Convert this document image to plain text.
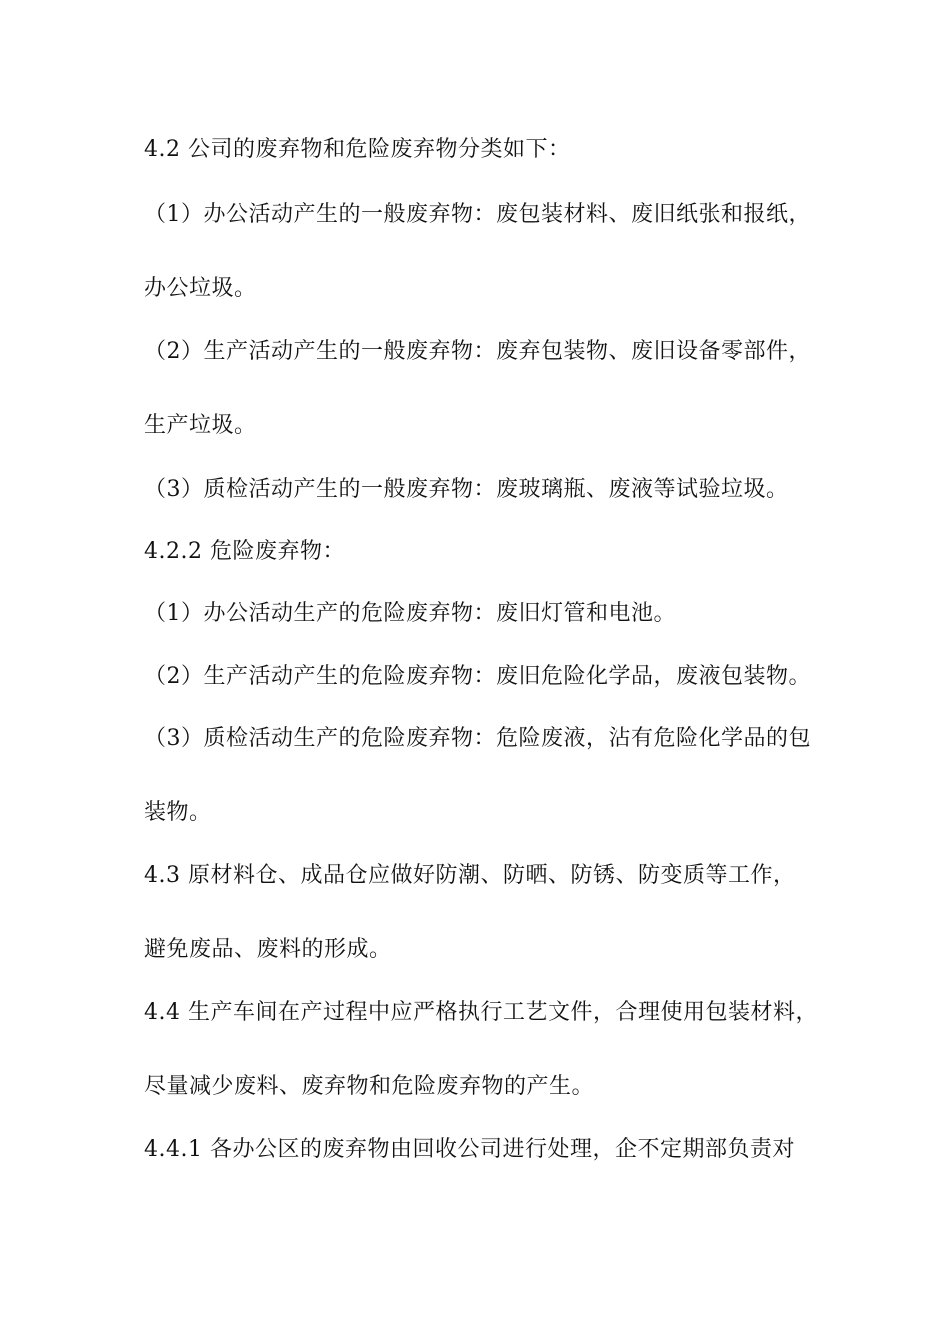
4.2 公司的废弃物和危险废弃物分类如下：
（1）办公活动产生的一般废弃物：废包装材料、废旧纸张和报纸，
办公垃圾。
（2）生产活动产生的一般废弃物：废弃包装物、废旧设备零部件，
生产垃圾。
（3）质检活动产生的一般废弃物：废玻璃瓶、废液等试验垃圾。
4.2.2 危险废弃物：
（1）办公活动生产的危险废弃物：废旧灯管和电池。
（2）生产活动产生的危险废弃物：废旧危险化学品，废液包装物。
（3）质检活动生产的危险废弃物：危险废液，沾有危险化学品的包
装物。
4.3 原材料仓、成品仓应做好防潮、防晒、防锈、防变质等工作，
避免废品、废料的形成。
4.4 生产车间在产过程中应严格执行工艺文件，合理使用包装材料，
尽量减少废料、废弃物和危险废弃物的产生。
4.4.1 各办公区的废弃物由回收公司进行处理，企不定期部负责对
